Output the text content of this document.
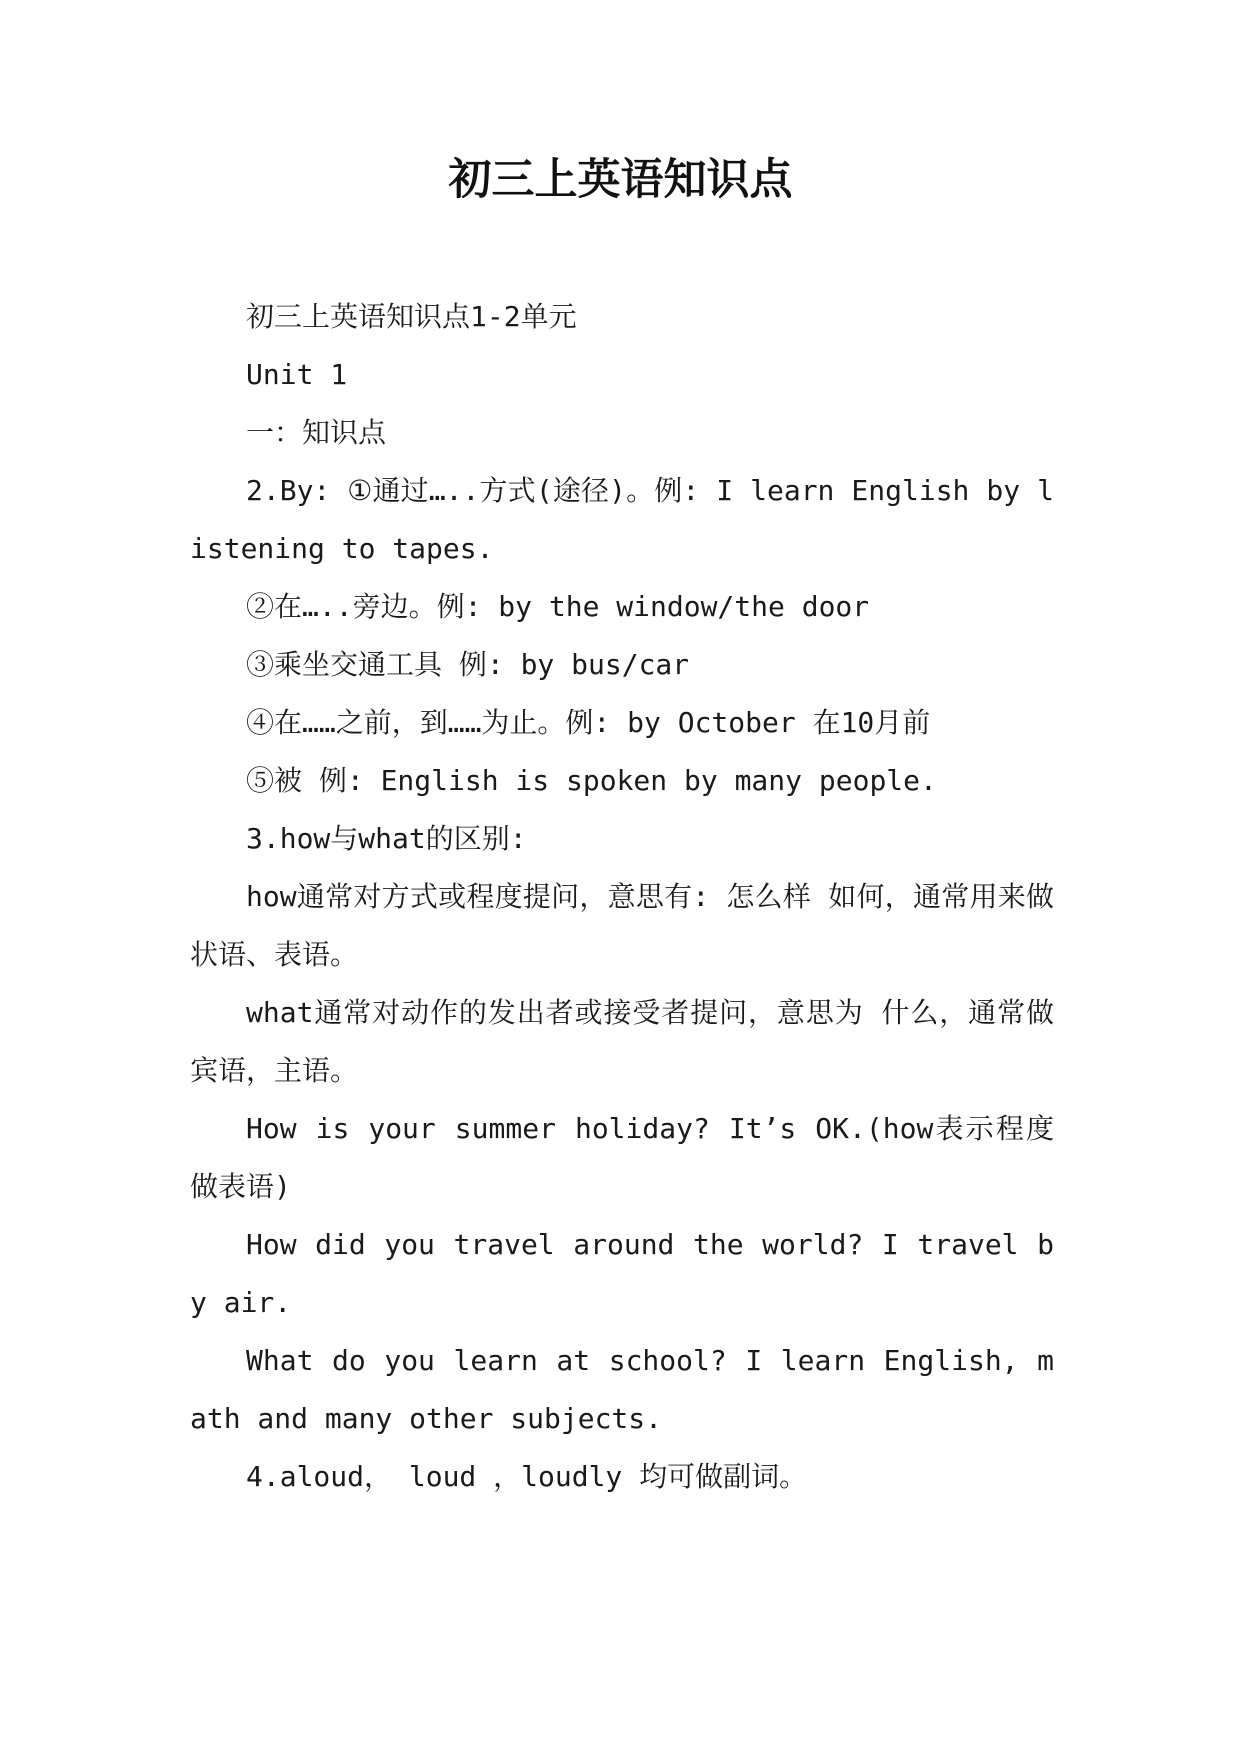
初三上英语知识点

初三上英语知识点1-2单元

Unit 1

一：知识点

2.By: ①通过…..方式(途径)。例: I learn English by listening to tapes.

②在…..旁边。例: by the window/the door

③乘坐交通工具 例: by bus/car

④在……之前，到……为止。例: by October 在10月前

⑤被 例: English is spoken by many people.

3.how与what的区别:

how通常对方式或程度提问，意思有: 怎么样 如何，通常用来做状语、表语。

what通常对动作的发出者或接受者提问，意思为 什么，通常做宾语，主语。

How is your summer holiday? It’s OK.(how表示程度 做表语)

How did you travel around the world? I travel by air.

What do you learn at school? I learn English, math and many other subjects.

4.aloud， loud ，loudly 均可做副词。
